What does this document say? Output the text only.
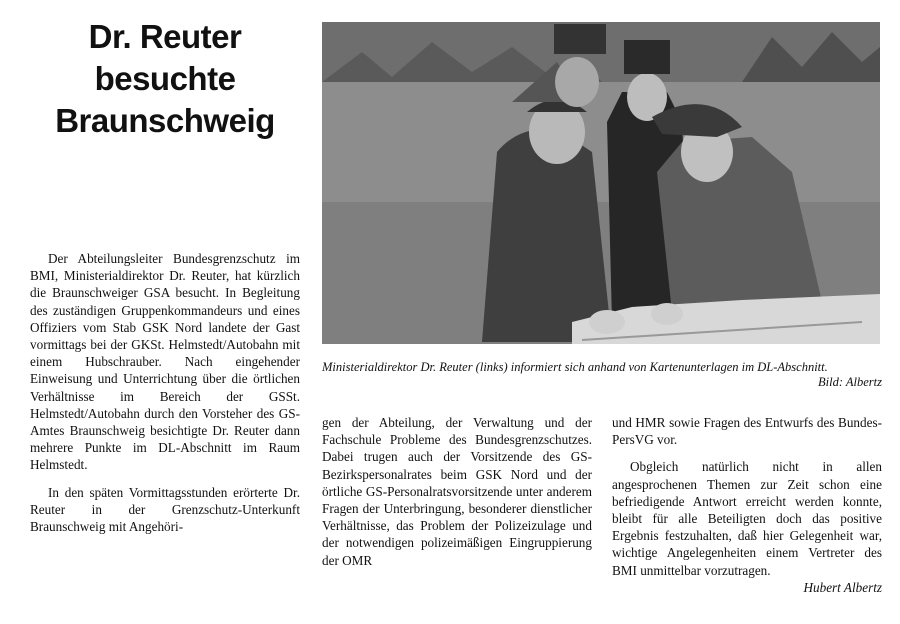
Dr. Reuter
besuchte
Braunschweig
Ministerialdirektor Dr. Reuter (links) informiert sich anhand von Kartenunterlagen im DL-Abschnitt.
Bild: Albertz

Der Abteilungsleiter Bundesgrenzschutz im BMI, Ministerialdirektor Dr. Reuter, hat kürzlich die Braunschweiger GSA besucht. In Begleitung des zuständigen Gruppenkommandeurs und eines Offiziers vom Stab GSK Nord landete der Gast vormittags bei der GKSt. Helmstedt/Autobahn mit einem Hubschrauber. Nach eingehender Einweisung und Unterrichtung über die örtlichen Verhältnisse im Bereich der GSSt. Helmstedt/Autobahn durch den Vorsteher des GS-Amtes Braunschweig besichtigte Dr. Reuter dann mehrere Punkte im DL-Abschnitt im Raum Helmstedt.

In den späten Vormittagsstunden erörterte Dr. Reuter in der Grenzschutz-Unterkunft Braunschweig mit Angehöri-

gen der Abteilung, der Verwaltung und der Fachschule Probleme des Bundesgrenzschutzes. Dabei trugen auch der Vorsitzende des GS-Bezirkspersonalrates beim GSK Nord und der örtliche GS-Personalratsvorsitzende unter anderem Fragen der Unterbringung, besonderer dienstlicher Verhältnisse, das Problem der Polizeizulage und der notwendigen polizeimäßigen Eingruppierung der OMR

und HMR sowie Fragen des Entwurfs des Bundes-PersVG vor.

Obgleich natürlich nicht in allen angesprochenen Themen zur Zeit schon eine befriedigende Antwort erreicht werden konnte, bleibt für alle Beteiligten doch das positive Ergebnis festzuhalten, daß hier Gelegenheit war, wichtige Angelegenheiten einem Vertreter des BMI unmittelbar vorzutragen.

Hubert Albertz
